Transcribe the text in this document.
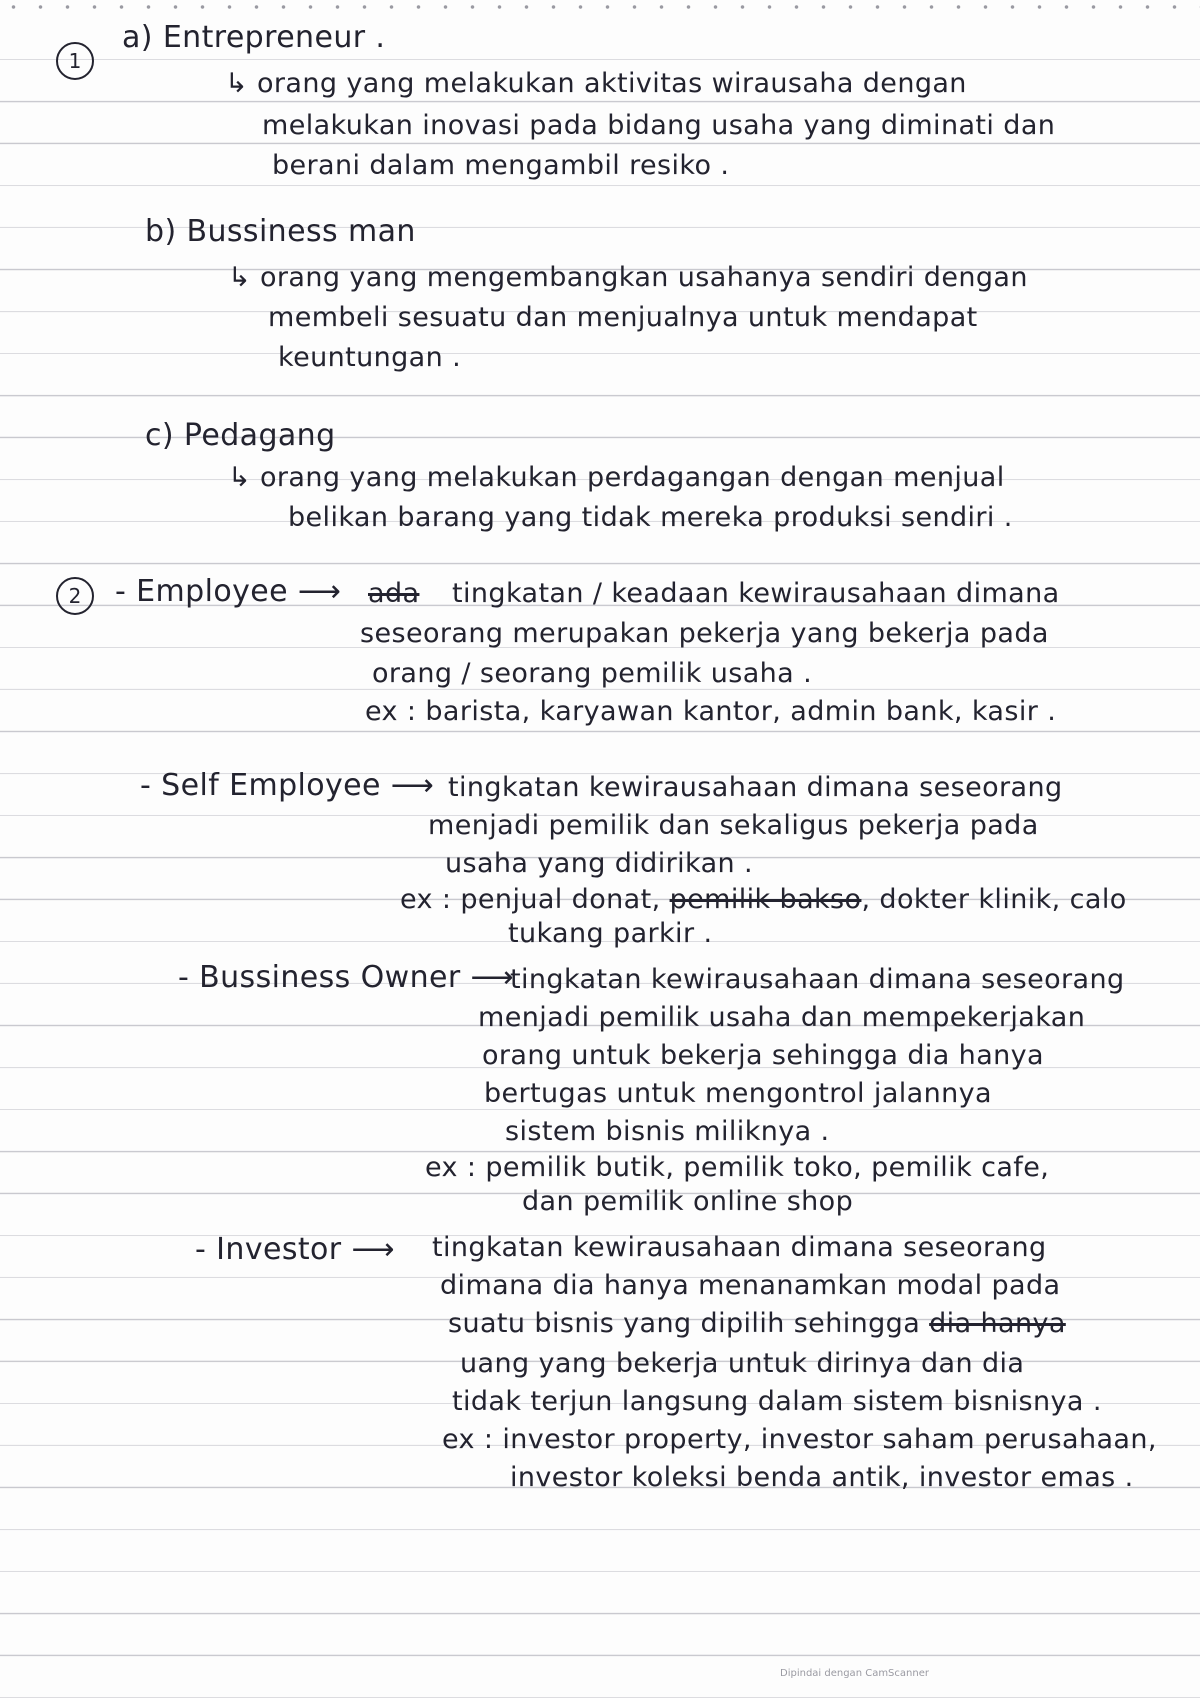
1

a) Entrepreneur .

↳ orang yang melakukan aktivitas wirausaha dengan

melakukan inovasi pada bidang usaha yang diminati dan

berani dalam mengambil resiko .

b) Bussiness man

↳ orang yang mengembangkan usahanya sendiri dengan

membeli sesuatu dan menjualnya untuk mendapat

keuntungan .

c) Pedagang

↳ orang yang melakukan perdagangan dengan menjual

belikan barang yang tidak mereka produksi sendiri .

2	- Employee ⟶ ada tingkatan / keadaan kewirausahaan dimana

seseorang merupakan pekerja yang bekerja pada

orang / seorang pemilik usaha .

ex : barista, karyawan kantor, admin bank, kasir .

- Self Employee ⟶ tingkatan kewirausahaan dimana seseorang

menjadi pemilik dan sekaligus pekerja pada

usaha yang didirikan .

ex : penjual donat, pemilik bakso, dokter klinik, calo

tukang parkir .

- Bussiness Owner ⟶

tingkatan kewirausahaan dimana seseorang

menjadi pemilik usaha dan mempekerjakan

orang untuk bekerja sehingga dia hanya

bertugas untuk mengontrol jalannya

sistem bisnis miliknya .

ex : pemilik butik, pemilik toko, pemilik cafe,

dan pemilik online shop

- Investor ⟶ tingkatan kewirausahaan dimana seseorang

dimana dia hanya menanamkan modal pada

suatu bisnis yang dipilih sehingga dia hanya

uang yang bekerja untuk dirinya dan dia

tidak terjun langsung dalam sistem bisnisnya .

ex : investor property, investor saham perusahaan,

investor koleksi benda antik, investor emas .

Dipindai dengan CamScanner
